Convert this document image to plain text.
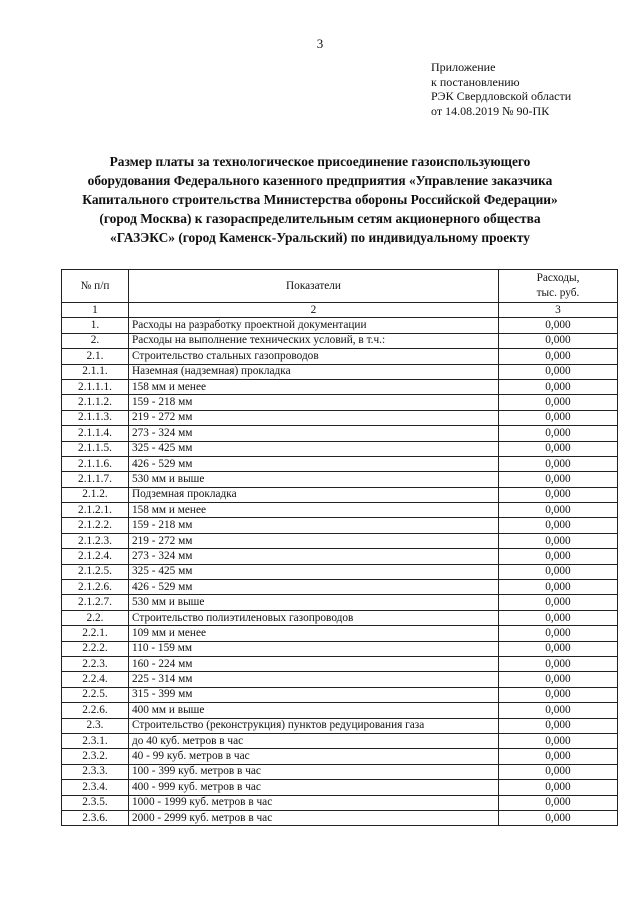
3
Приложение
к постановлению
РЭК Свердловской области
от 14.08.2019 № 90-ПК
Размер платы за технологическое присоединение газоиспользующего
оборудования Федерального казенного предприятия «Управление заказчика
Капитального строительства Министерства обороны Российской Федерации»
(город Москва) к газораспределительным сетям акционерного общества
«ГАЗЭКС» (город Каменск-Уральский) по индивидуальному проекту
№ п/п	Показатели	Расходы,
тыс. руб.
1	2	3
1.	Расходы на разработку проектной документации	0,000
2.	Расходы на выполнение технических условий, в т.ч.:	0,000
2.1.	Строительство стальных газопроводов	0,000
2.1.1.	Наземная (надземная) прокладка	0,000
2.1.1.1.	158 мм и менее	0,000
2.1.1.2.	159 - 218 мм	0,000
2.1.1.3.	219 - 272 мм	0,000
2.1.1.4.	273 - 324 мм	0,000
2.1.1.5.	325 - 425 мм	0,000
2.1.1.6.	426 - 529 мм	0,000
2.1.1.7.	530 мм и выше	0,000
2.1.2.	Подземная прокладка	0,000
2.1.2.1.	158 мм и менее	0,000
2.1.2.2.	159 - 218 мм	0,000
2.1.2.3.	219 - 272 мм	0,000
2.1.2.4.	273 - 324 мм	0,000
2.1.2.5.	325 - 425 мм	0,000
2.1.2.6.	426 - 529 мм	0,000
2.1.2.7.	530 мм и выше	0,000
2.2.	Строительство полиэтиленовых газопроводов	0,000
2.2.1.	109 мм и менее	0,000
2.2.2.	110 - 159 мм	0,000
2.2.3.	160 - 224 мм	0,000
2.2.4.	225 - 314 мм	0,000
2.2.5.	315 - 399 мм	0,000
2.2.6.	400 мм и выше	0,000
2.3.	Строительство (реконструкция) пунктов редуцирования газа	0,000
2.3.1.	до 40 куб. метров в час	0,000
2.3.2.	40 - 99 куб. метров в час	0,000
2.3.3.	100 - 399 куб. метров в час	0,000
2.3.4.	400 - 999 куб. метров в час	0,000
2.3.5.	1000 - 1999 куб. метров в час	0,000
2.3.6.	2000 - 2999 куб. метров в час	0,000
